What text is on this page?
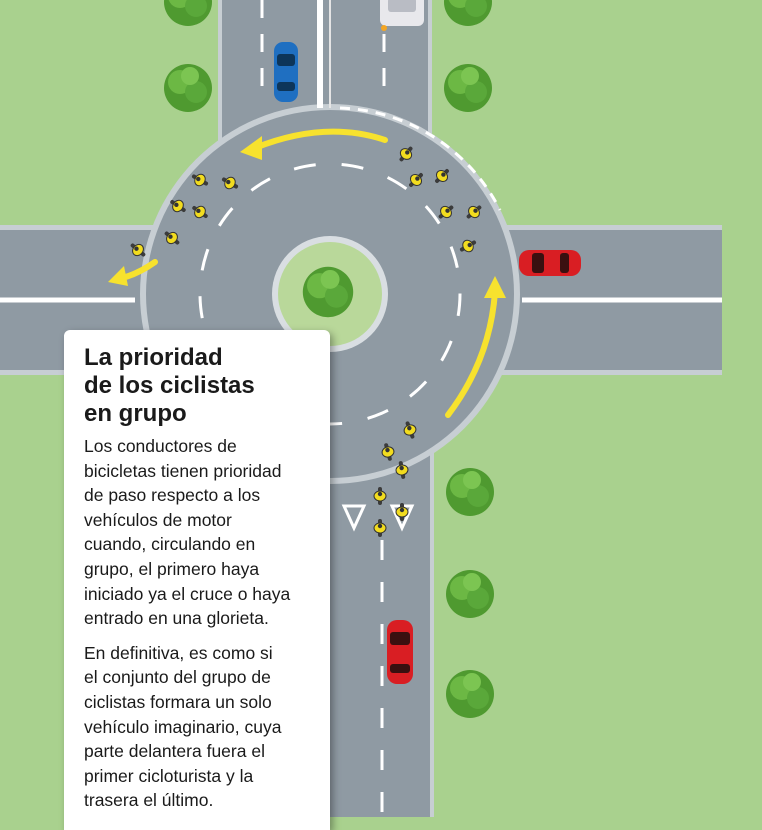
La prioridad
de los ciclistas
en grupo

Los conductores de
bicicletas tienen prioridad
de paso respecto a los
vehículos de motor
cuando, circulando en
grupo, el primero haya
iniciado ya el cruce o haya
entrado en una glorieta.

En definitiva, es como si
el conjunto del grupo de
ciclistas formara un solo
vehículo imaginario, cuya
parte delantera fuera el
primer cicloturista y la
trasera el último.
